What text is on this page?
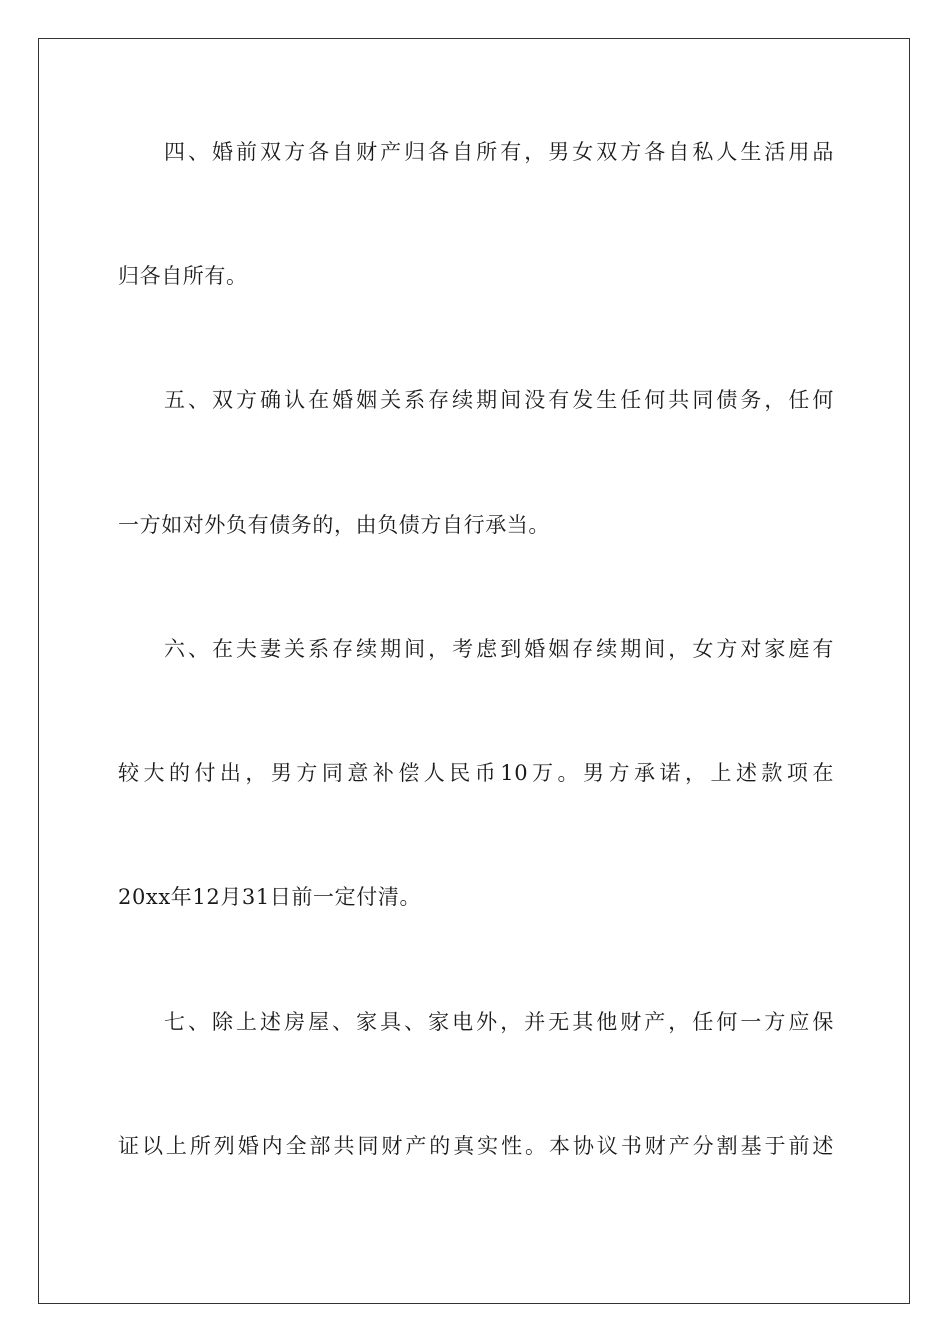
四、婚前双方各自财产归各自所有，男女双方各自私人生活用品
归各自所有。
五、双方确认在婚姻关系存续期间没有发生任何共同债务，任何
一方如对外负有债务的，由负债方自行承当。
六、在夫妻关系存续期间，考虑到婚姻存续期间，女方对家庭有
较大的付出，男方同意补偿人民币10万。男方承诺，上述款项在
20xx年12月31日前一定付清。
七、除上述房屋、家具、家电外，并无其他财产，任何一方应保
证以上所列婚内全部共同财产的真实性。本协议书财产分割基于前述
